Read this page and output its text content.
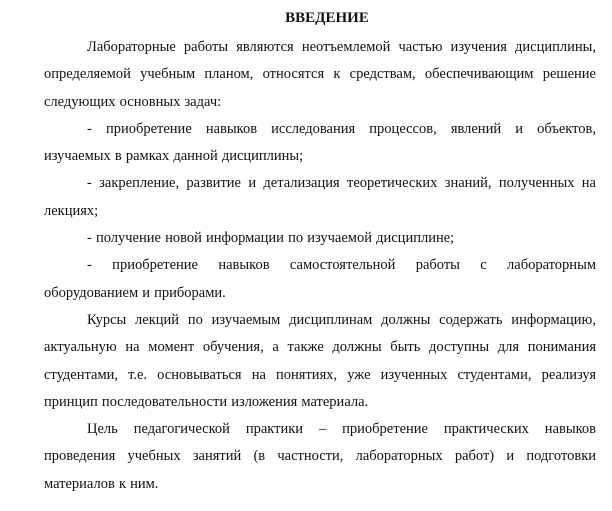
ВВЕДЕНИЕ

Лабораторные работы являются неотъемлемой частью изучения дисциплины, определяемой учебным планом, относятся к средствам, обеспечивающим решение следующих основных задач:

- приобретение навыков исследования процессов, явлений и объектов, изучаемых в рамках данной дисциплины;

- закрепление, развитие и детализация теоретических знаний, полученных на лекциях;

- получение новой информации по изучаемой дисциплине;

- приобретение навыков самостоятельной работы с лабораторным оборудованием и приборами.

Курсы лекций по изучаемым дисциплинам должны содержать информацию, актуальную на момент обучения, а также должны быть доступны для понимания студентами, т.е. основываться на понятиях, уже изученных студентами, реализуя принцип последовательности изложения материала.

Цель педагогической практики – приобретение практических навыков проведения учебных занятий (в частности, лабораторных работ) и подготовки материалов к ним.
